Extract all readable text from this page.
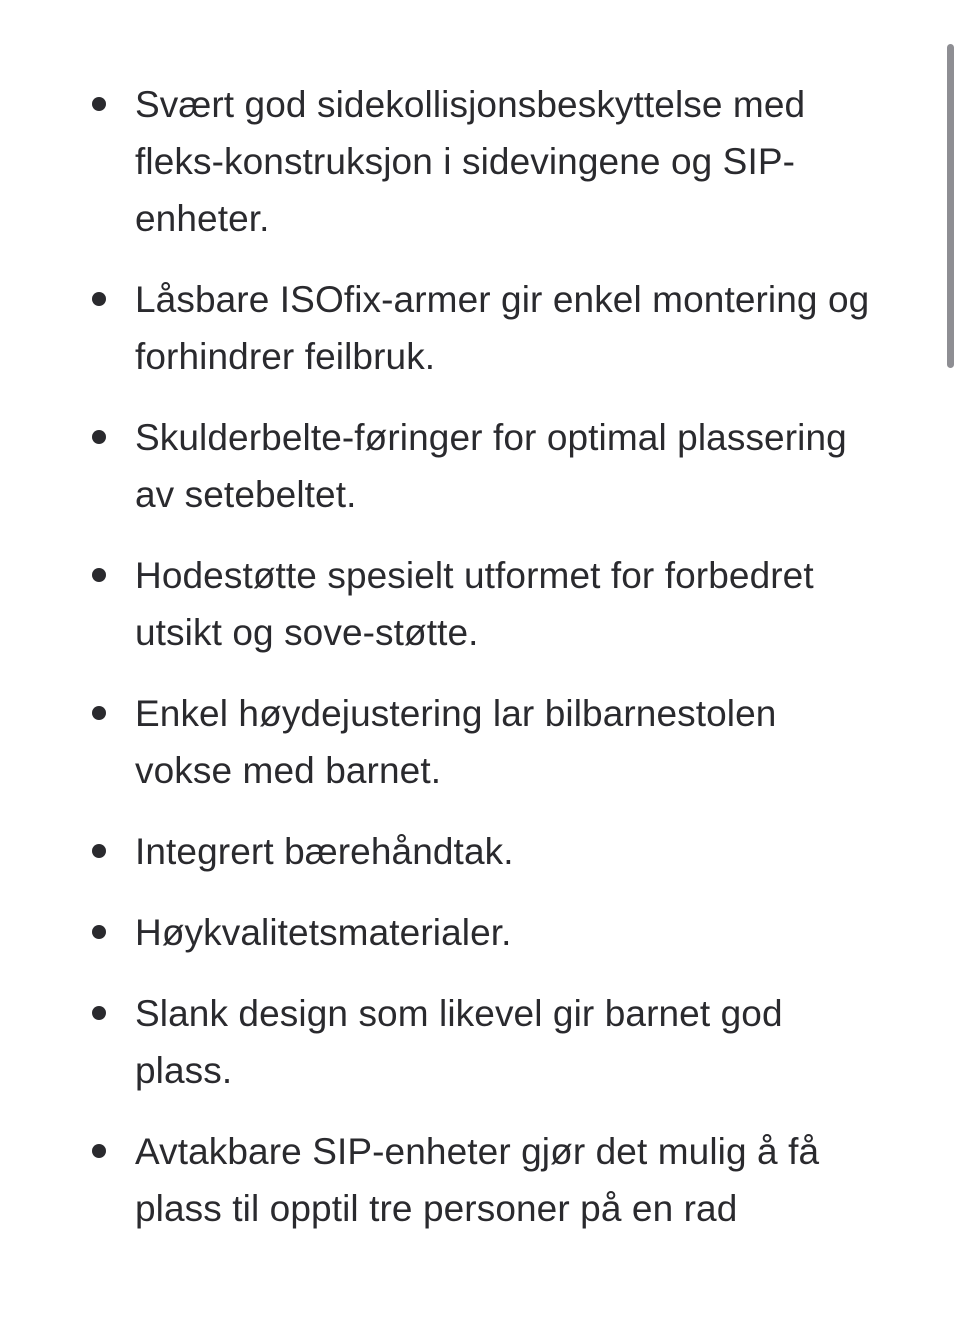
Svært god sidekollisjonsbeskyttelse med fleks-konstruksjon i sidevingene og SIP-enheter.
Låsbare ISOfix-armer gir enkel montering og forhindrer feilbruk.
Skulderbelte-føringer for optimal plassering av setebeltet.
Hodestøtte spesielt utformet for forbedret utsikt og sove-støtte.
Enkel høydejustering lar bilbarnestolen vokse med barnet.
Integrert bærehåndtak.
Høykvalitetsmaterialer.
Slank design som likevel gir barnet god plass.
Avtakbare SIP-enheter gjør det mulig å få plass til opptil tre personer på en rad
